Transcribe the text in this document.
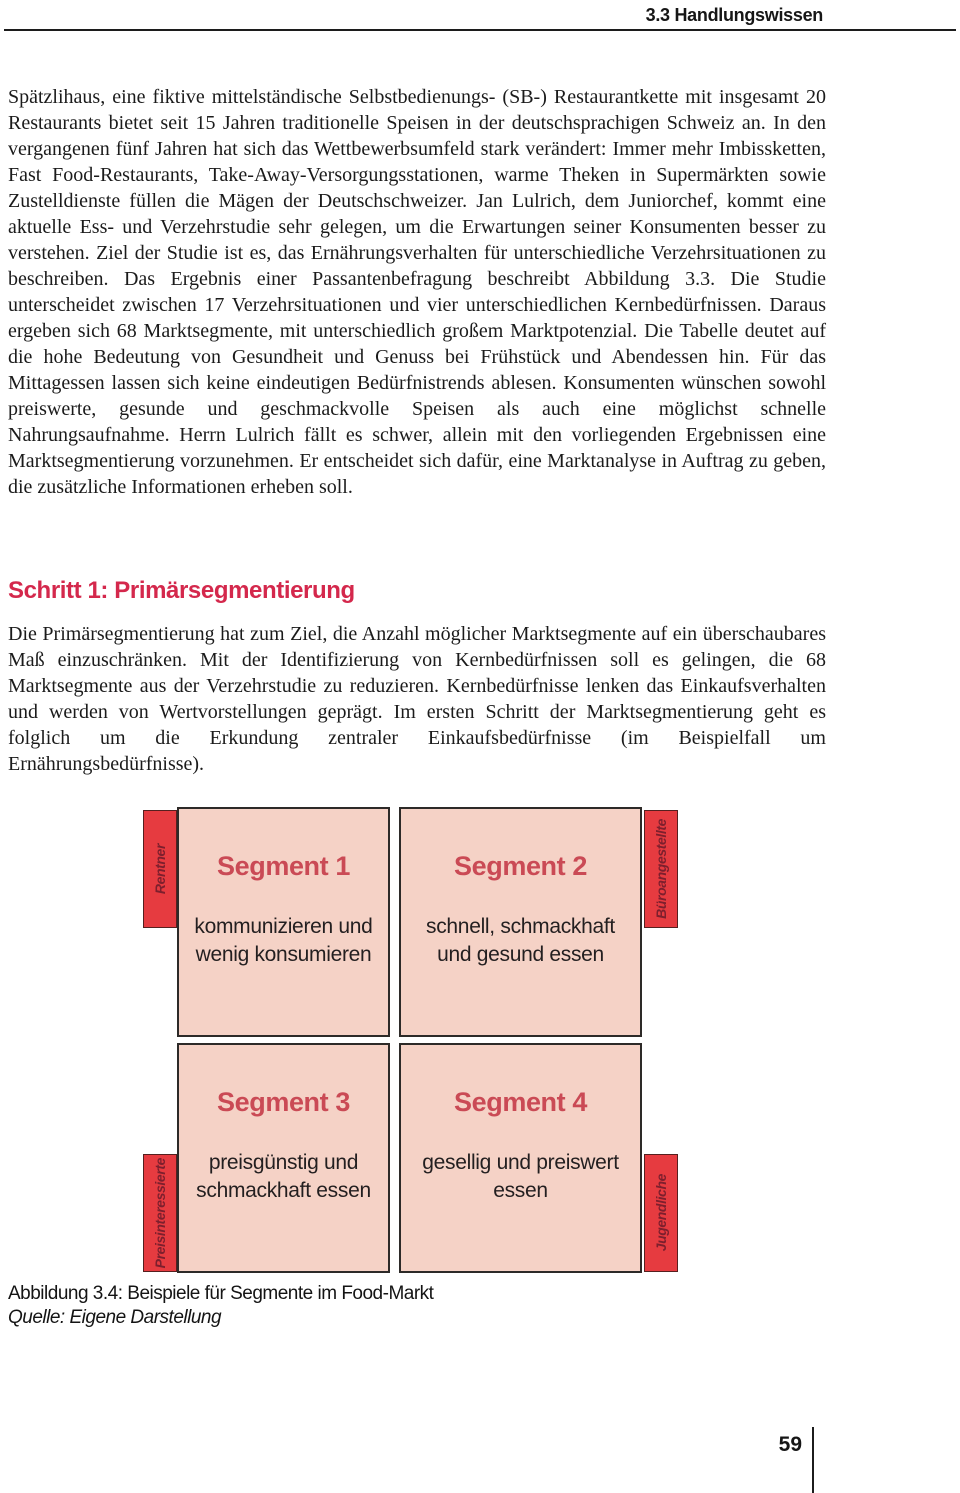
3.3 Handlungswissen

Spätzlihaus, eine fiktive mittelständische Selbstbedienungs- (SB-) Restaurantkette mit insgesamt 20 Restaurants bietet seit 15 Jahren traditionelle Speisen in der deutschsprachigen Schweiz an. In den vergangenen fünf Jahren hat sich das Wettbewerbsumfeld stark verändert: Immer mehr Imbissketten, Fast Food-Restaurants, Take-Away-Versorgungsstationen, warme Theken in Supermärkten sowie Zustelldienste füllen die Mägen der Deutschschweizer. Jan Lulrich, dem Juniorchef, kommt eine aktuelle Ess- und Verzehrstudie sehr gelegen, um die Erwartungen seiner Konsumenten besser zu verstehen. Ziel der Studie ist es, das Ernährungsverhalten für unterschiedliche Verzehrsituationen zu beschreiben. Das Ergebnis einer Passantenbefragung beschreibt Abbildung 3.3. Die Studie unterscheidet zwischen 17 Verzehrsituationen und vier unterschiedlichen Kernbedürfnissen. Daraus ergeben sich 68 Marktsegmente, mit unterschiedlich großem Marktpotenzial. Die Tabelle deutet auf die hohe Bedeutung von Gesundheit und Genuss bei Frühstück und Abendessen hin. Für das Mittagessen lassen sich keine eindeutigen Bedürfnistrends ablesen. Konsumenten wünschen sowohl preiswerte, gesunde und geschmackvolle Speisen als auch eine möglichst schnelle Nahrungsaufnahme. Herrn Lulrich fällt es schwer, allein mit den vorliegenden Ergebnissen eine Marktsegmentierung vorzunehmen. Er entscheidet sich dafür, eine Marktanalyse in Auftrag zu geben, die zusätzliche Informationen erheben soll.

Schritt 1: Primärsegmentierung

Die Primärsegmentierung hat zum Ziel, die Anzahl möglicher Marktsegmente auf ein überschaubares Maß einzuschränken. Mit der Identifizierung von Kernbedürfnissen soll es gelingen, die 68 Marktsegmente aus der Verzehrstudie zu reduzieren. Kernbedürfnisse lenken das Einkaufsverhalten und werden von Wertvorstellungen geprägt. Im ersten Schritt der Marktsegmentierung geht es folglich um die Erkundung zentraler Einkaufsbedürfnisse (im Beispielfall um Ernährungsbedürfnisse).

Rentner	Büroangestellte
Preisinteressierte	Jugendliche
Segment 1
kommunizieren und wenig konsumieren
Segment 2
schnell, schmackhaft und gesund essen
Segment 3
preisgünstig und schmackhaft essen
Segment 4
gesellig und preiswert essen

Abbildung 3.4: Beispiele für Segmente im Food-Markt

Quelle: Eigene Darstellung

59
